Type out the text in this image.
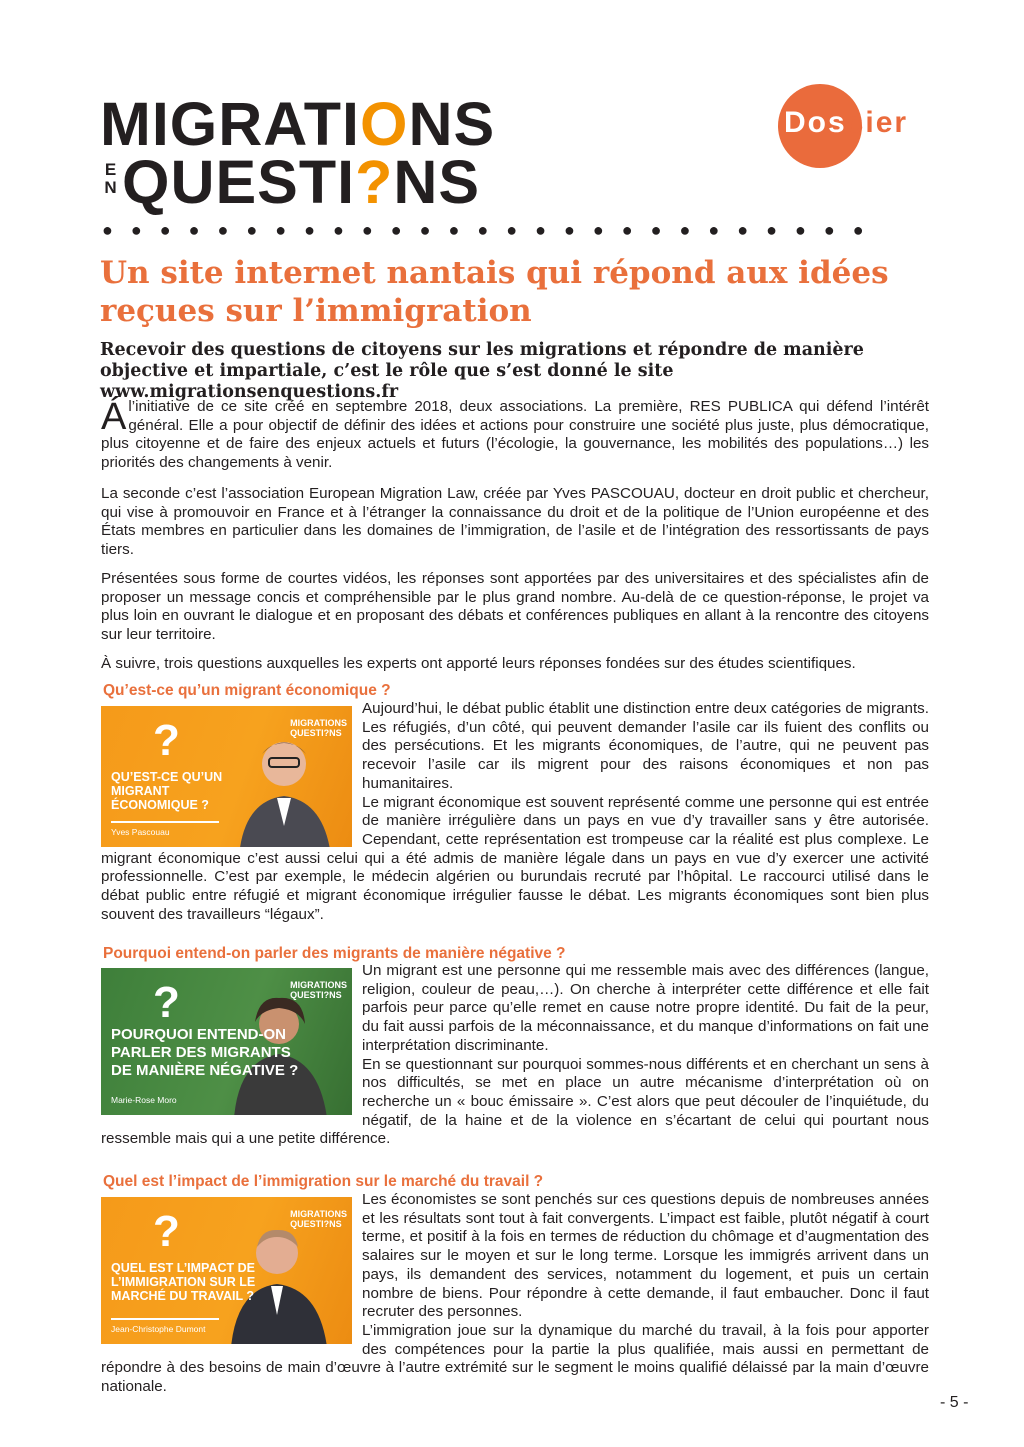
MIGRATIONS
E
NQUESTI?NS
● ● ● ● ● ● ● ● ● ● ● ● ● ● ● ● ● ● ● ● ● ● ● ● ● ● ●
Dossier
Un site internet nantais qui répond aux idées reçues sur l’immigration

Recevoir des questions de citoyens sur les migrations et répondre de manière objective et impartiale, c’est le rôle que s’est donné le site www.migrationsenquestions.fr

Ál’initiative de ce site créé en septembre 2018, deux associations. La première, RES PUBLICA qui défend l’intérêt général. Elle a pour objectif de définir des idées et actions pour construire une société plus juste, plus démocratique, plus citoyenne et de faire des enjeux actuels et futurs (l’écologie, la gouvernance, les mobilités des populations…) les priorités des changements à venir.

La seconde c’est l’association European Migration Law, créée par Yves PASCOUAU, docteur en droit public et chercheur, qui vise à promouvoir en France et à l’étranger la connaissance du droit et de la politique de l’Union européenne et des États membres en particulier dans les domaines de l’immigration, de l’asile et de l’intégration des ressortissants de pays tiers.

Présentées sous forme de courtes vidéos, les réponses sont apportées par des universitaires et des spécialistes afin de proposer un message concis et compréhensible par le plus grand nombre. Au-delà de ce question-réponse, le projet va plus loin en ouvrant le dialogue et en proposant des débats et conférences publiques en allant à la rencontre des citoyens sur leur territoire.

À suivre, trois questions auxquelles les experts ont apporté leurs réponses fondées sur des études scientifiques.

Qu’est-ce qu’un migrant économique ?
?	MIGRATIONS
QUESTI?NS
QU’EST-CE QU’UN MIGRANT ÉCONOMIQUE ?
Yves Pascouau

Aujourd’hui, le débat public établit une distinction entre deux catégories de migrants. Les réfugiés, d’un côté, qui peuvent demander l’asile car ils fuient des conflits ou des persécutions. Et les migrants économiques, de l’autre, qui ne peuvent pas recevoir l’asile car ils migrent pour des raisons économiques et non pas humanitaires.

Le migrant économique est souvent représenté comme une personne qui est entrée de manière irrégulière dans un pays en vue d’y travailler sans y être autorisée. Cependant, cette représentation est trompeuse car la réalité est plus complexe. Le migrant économique c’est aussi celui qui a été admis de manière légale dans un pays en vue d’y exercer une activité professionnelle. C’est par exemple, le médecin algérien ou burundais recruté par l’hôpital. Le raccourci utilisé dans le débat public entre réfugié et migrant économique irrégulier fausse le débat. Les migrants économiques sont bien plus souvent des travailleurs “légaux”.

Pourquoi entend-on parler des migrants de manière négative ?
?	MIGRATIONS
QUESTI?NS
POURQUOI ENTEND-ON PARLER DES MIGRANTS DE MANIÈRE NÉGATIVE ?
Marie-Rose Moro

Un migrant est une personne qui me ressemble mais avec des différences (langue, religion, couleur de peau,…). On cherche à interpréter cette différence et elle fait parfois peur parce qu’elle remet en cause notre propre identité. Du fait de la peur, du fait aussi parfois de la méconnaissance, et du manque d’informations on fait une interprétation discriminante.

En se questionnant sur pourquoi sommes-nous différents et en cherchant un sens à nos difficultés, se met en place un autre mécanisme d’interprétation où on recherche un « bouc émissaire ». C’est alors que peut découler de l’inquiétude, du négatif, de la haine et de la violence en s’écartant de celui qui pourtant nous ressemble mais qui a une petite différence.

Quel est l’impact de l’immigration sur le marché du travail ?
?	MIGRATIONS
QUESTI?NS
QUEL EST L’IMPACT DE L’IMMIGRATION SUR LE MARCHÉ DU TRAVAIL ?
Jean-Christophe Dumont

Les économistes se sont penchés sur ces questions depuis de nombreuses années et les résultats sont tout à fait convergents. L’impact est faible, plutôt négatif à court terme, et positif à la fois en termes de réduction du chômage et d’augmentation des salaires sur le moyen et sur le long terme. Lorsque les immigrés arrivent dans un pays, ils demandent des services, notamment du logement, et puis un certain nombre de biens. Pour répondre à cette demande, il faut embaucher. Donc il faut recruter des personnes.

L’immigration joue sur la dynamique du marché du travail, à la fois pour apporter des compétences pour la partie la plus qualifiée, mais aussi en permettant de répondre à des besoins de main d’œuvre à l’autre extrémité sur le segment le moins qualifié délaissé par la main d’œuvre nationale.

- 5 -
